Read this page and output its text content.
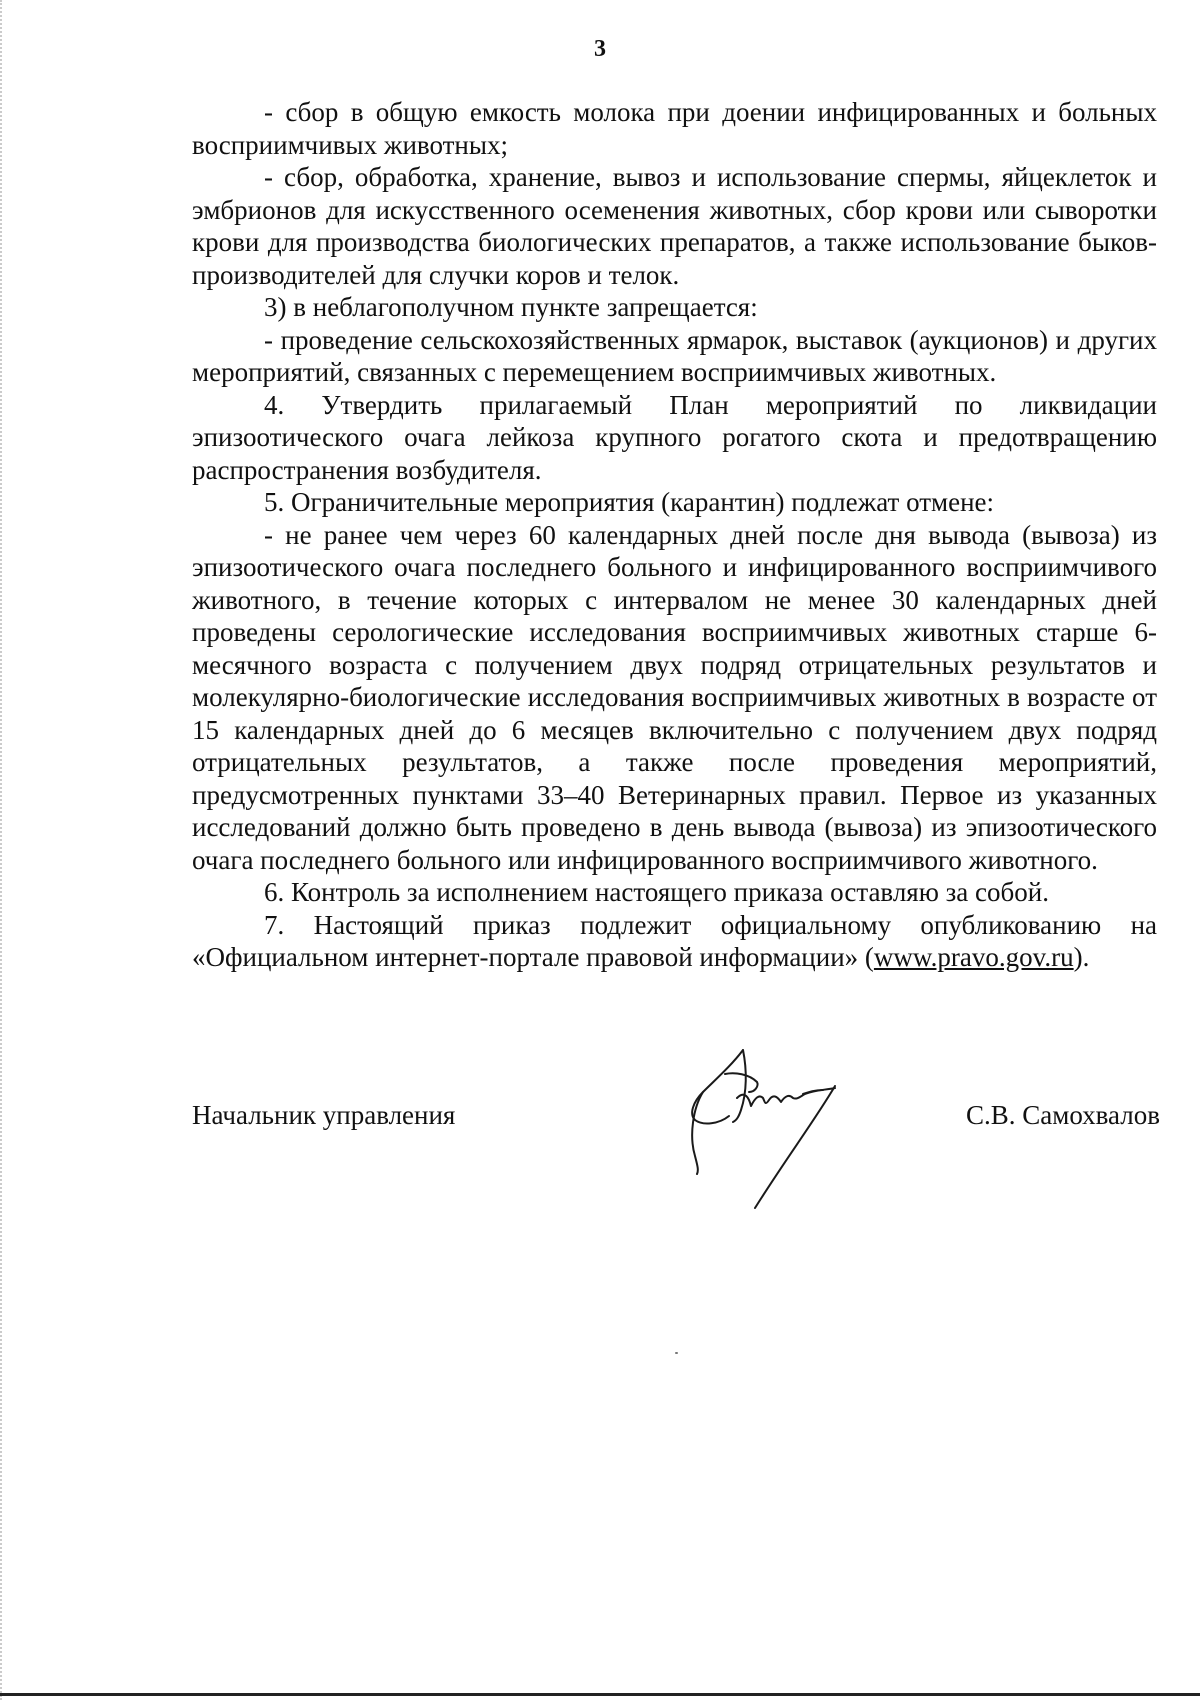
3

- сбор в общую емкость молока при доении инфицированных и больных восприимчивых животных;

- сбор, обработка, хранение, вывоз и использование спермы, яйцеклеток и эмбрионов для искусственного осеменения животных, сбор крови или сыворотки крови для производства биологических препаратов, а также использование быков-производителей для случки коров и телок.

3) в неблагополучном пункте запрещается:

- проведение сельскохозяйственных ярмарок, выставок (аукционов) и других мероприятий, связанных с перемещением восприимчивых животных.

4. Утвердить прилагаемый План мероприятий по ликвидации эпизоотического очага лейкоза крупного рогатого скота и предотвращению распространения возбудителя.

5. Ограничительные мероприятия (карантин) подлежат отмене:

- не ранее чем через 60 календарных дней после дня вывода (вывоза) из эпизоотического очага последнего больного и инфицированного восприимчивого животного, в течение которых с интервалом не менее 30 календарных дней проведены серологические исследования восприимчивых животных старше 6-месячного возраста с получением двух подряд отрицательных результатов и молекулярно-биологические исследования восприимчивых животных в возрасте от 15 календарных дней до 6 месяцев включительно с получением двух подряд отрицательных результатов, а также после проведения мероприятий, предусмотренных пунктами 33–40 Ветеринарных правил. Первое из указанных исследований должно быть проведено в день вывода (вывоза) из эпизоотического очага последнего больного или инфицированного восприимчивого животного.

6. Контроль за исполнением настоящего приказа оставляю за собой.

7. Настоящий приказ подлежит официальному опубликованию на «Официальном интернет-портале правовой информации» (www.pravo.gov.ru).

Начальник управления	С.В. Самохвалов
